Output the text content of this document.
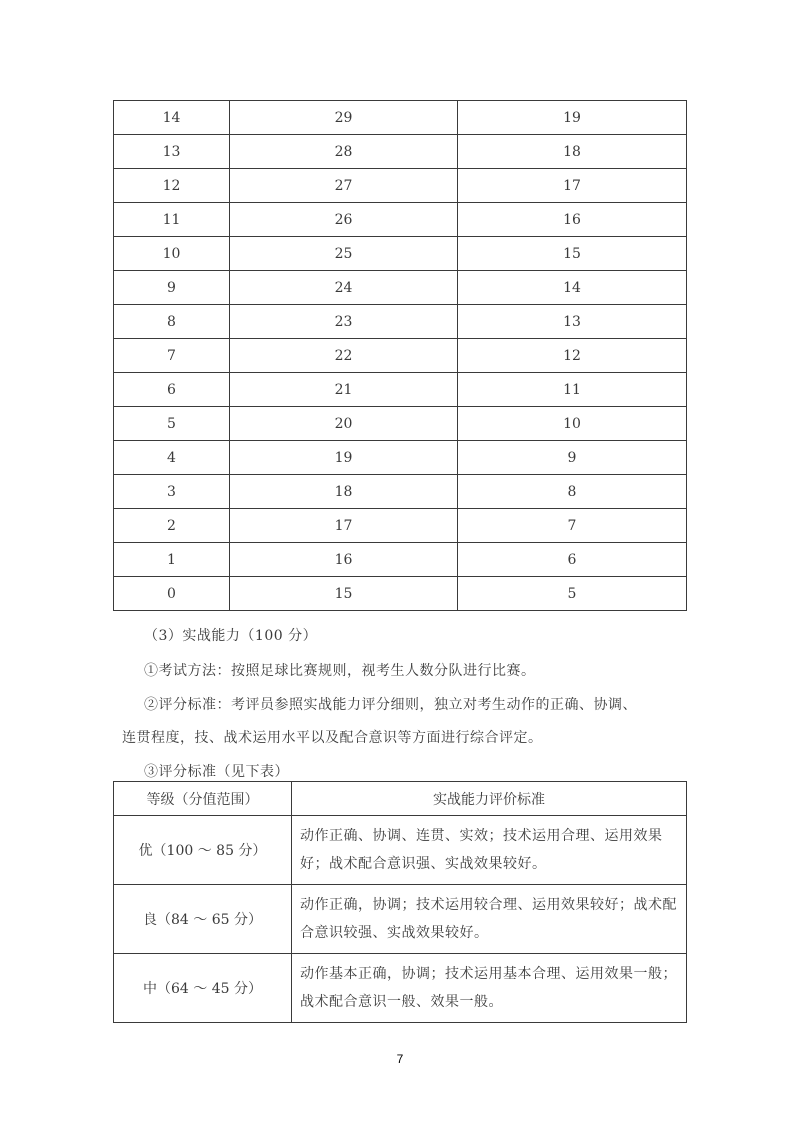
14	29	19
13	28	18
12	27	17
11	26	16
10	25	15
9	24	14
8	23	13
7	22	12
6	21	11
5	20	10
4	19	9
3	18	8
2	17	7
1	16	6
0	15	5
（3）实战能力（100 分）
①考试方法：按照足球比赛规则，视考生人数分队进行比赛。
②评分标准：考评员参照实战能力评分细则，独立对考生动作的正确、协调、
连贯程度，技、战术运用水平以及配合意识等方面进行综合评定。
③评分标准（见下表）
等级（分值范围）	实战能力评价标准
优（100 ～ 85 分）	动作正确、协调、连贯、实效；技术运用合理、运用效果好；战术配合意识强、实战效果较好。
良（84 ～ 65 分）	动作正确，协调；技术运用较合理、运用效果较好；战术配合意识较强、实战效果较好。
中（64 ～ 45 分）	动作基本正确，协调；技术运用基本合理、运用效果一般；战术配合意识一般、效果一般。
7
